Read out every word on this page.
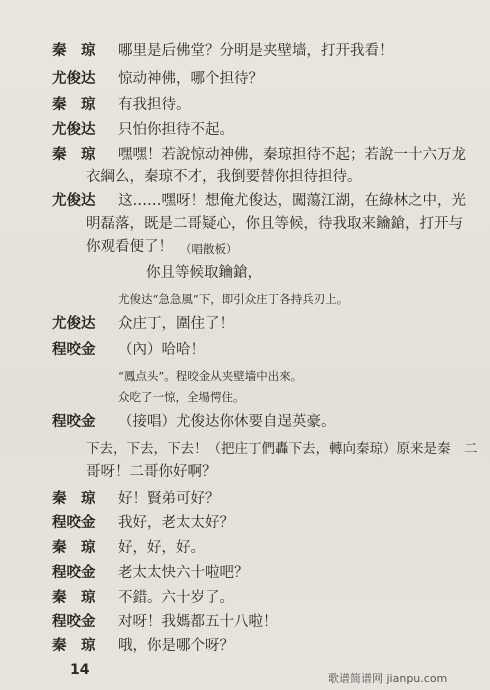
秦　琼	哪里是后佛堂？分明是夹壁墙，打开我看！
尤俊达	惊动神佛，哪个担待？
秦　琼	有我担待。
尤俊达	只怕你担待不起。
秦　琼	嘿嘿！若說惊动神佛，秦琼担待不起；若說一十六万龙
衣綱么，秦琼不才，我倒要替你担待担待。
尤俊达	这……嘿呀！想俺尤俊达，闖蕩江湖，在綠林之中，光
明磊落，既是二哥疑心，你且等候，待我取来鑰鎗，打开与
你观看便了！ （唱散板）
你且等候取鑰鎗，
尤俊达“急急風”下，即引众庄丁各持兵刃上。
尤俊达	众庄丁，圍住了！
程咬金	（內）哈哈！
“鳳点头”。程咬金从夹壁墙中出來。
众吃了一惊，全場愕住。
程咬金	（接唱）尤俊达你休要自逞英豪。
下去，下去，下去！（把庄丁們轟下去，轉向秦琼）原来是秦　二
哥呀！二哥你好啊？
秦　琼	好！賢弟可好？
程咬金	我好，老太太好？
秦　琼	好，好，好。
程咬金	老太太快六十啦吧？
秦　琼	不錯。六十岁了。
程咬金	对呀！我媽都五十八啦！
秦　琼	哦，你是哪个呀？
14
歌谱简谱网 jianpu.com
